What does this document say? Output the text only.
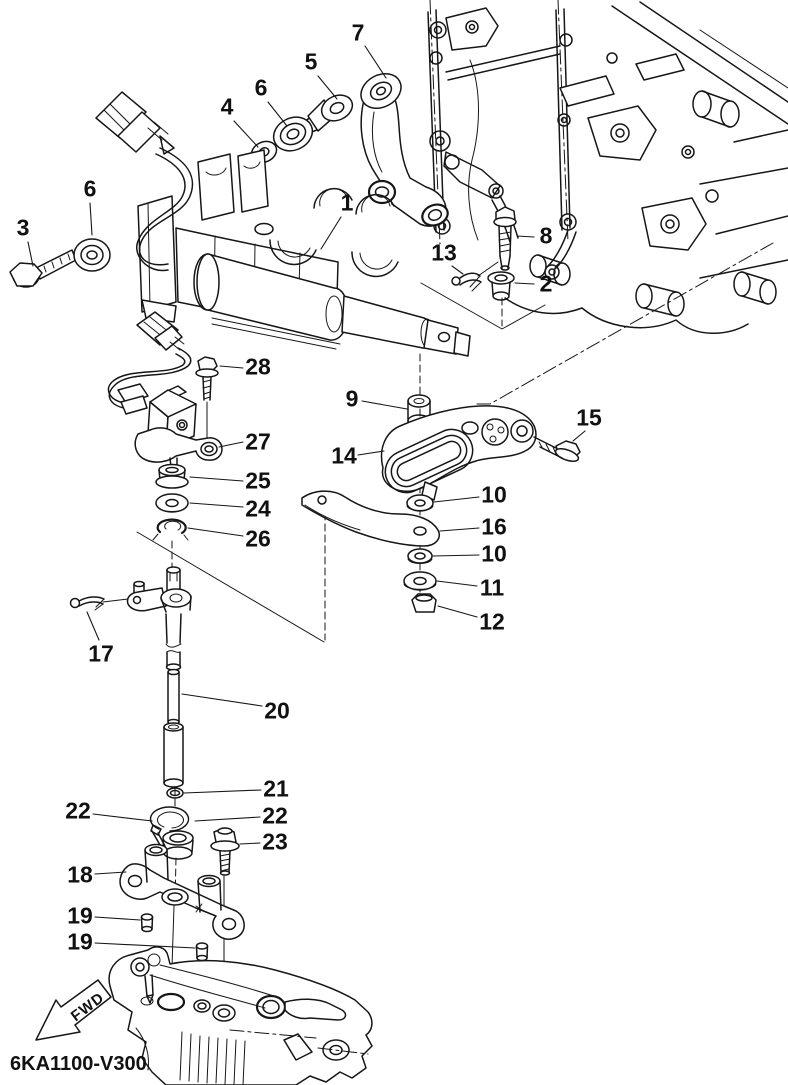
FWD
6KA1100-V300
7
5
6
4
1
6
3	8
13
2
28
27
25
24
26
9
14
15
10
16
10
11
12
17
20
21
22	22
23
18
19
19
